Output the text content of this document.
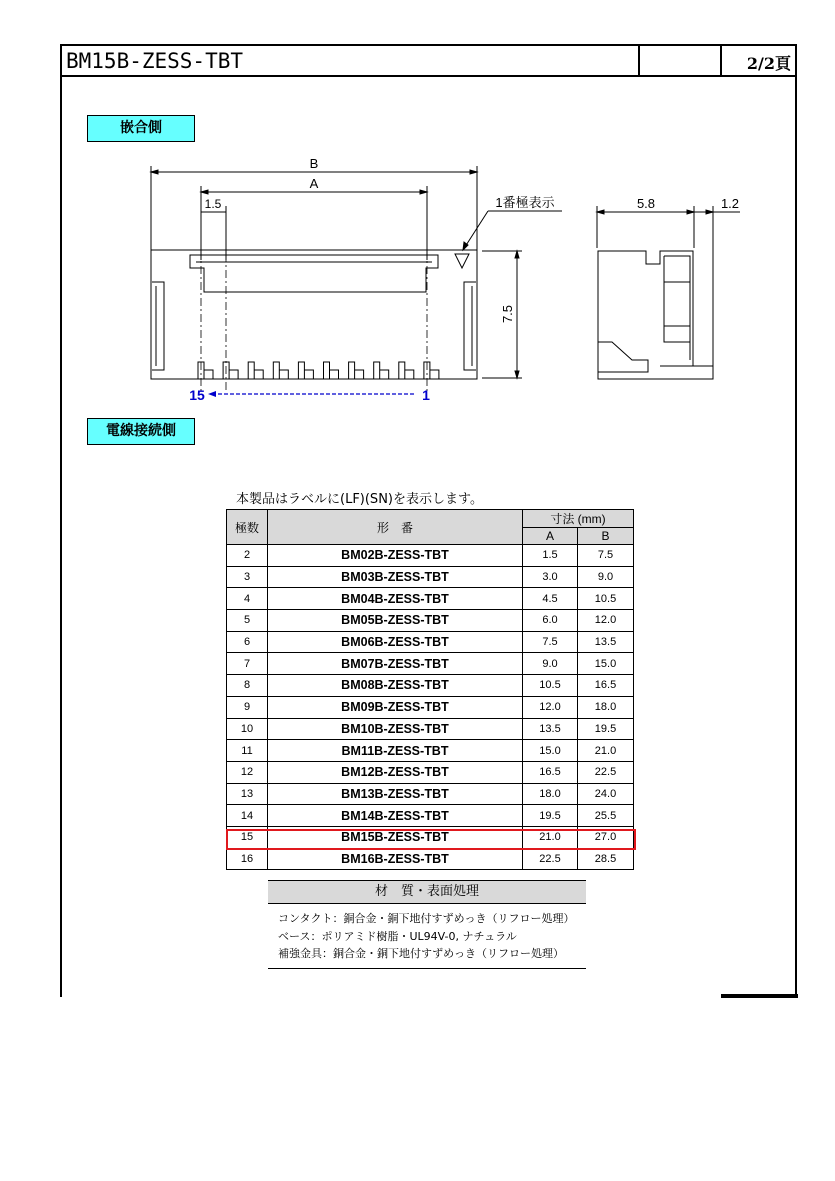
BM15B-ZESS-TBT	2/2頁
嵌合側
電線接続側
B
A
1.5	1番極表示
7.5
5.8	1.2
15	1
本製品はラベルに(LF)(SN)を表示します。
極数	形　番	寸法 (mm)	
		A	B
2	BM02B-ZESS-TBT	1.5	7.5
3	BM03B-ZESS-TBT	3.0	9.0
4	BM04B-ZESS-TBT	4.5	10.5
5	BM05B-ZESS-TBT	6.0	12.0
6	BM06B-ZESS-TBT	7.5	13.5
7	BM07B-ZESS-TBT	9.0	15.0
8	BM08B-ZESS-TBT	10.5	16.5
9	BM09B-ZESS-TBT	12.0	18.0
10	BM10B-ZESS-TBT	13.5	19.5
11	BM11B-ZESS-TBT	15.0	21.0
12	BM12B-ZESS-TBT	16.5	22.5
13	BM13B-ZESS-TBT	18.0	24.0
14	BM14B-ZESS-TBT	19.5	25.5
15	BM15B-ZESS-TBT	21.0	27.0
16	BM16B-ZESS-TBT	22.5	28.5
材　質・表面処理
コンタクト：銅合金・銅下地付すずめっき（リフロー処理）
ベース：ポリアミド樹脂・UL94V-0, ナチュラル
補強金具：銅合金・銅下地付すずめっき（リフロー処理）
